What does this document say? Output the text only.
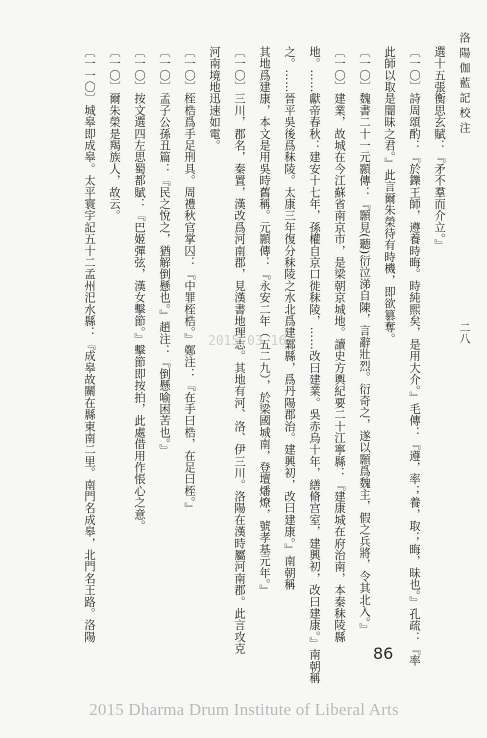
洛陽伽藍記校注
二八
選十五張衡思玄賦：『矛不羣而介立。』
〔一〇〕詩周頌酌：『於鑠王師，遵養時晦。時純熙矣，是用大介。』毛傳：『遵，率；養，取；晦，昧也。』孔疏：『率
此師以取是闇昧之君。』此言爾朱榮待有時機，即欲篡奪。
〔一〇〕魏書二十一元顥傳：『顥見(聽)衍泣涕自陳，言辭壯烈。衍奇之，遂以顥爲魏主，假之兵將，令其北入。』
〔一〇〕建業，故城在今江蘇省南京市，是梁朝京城地。讀史方輿紀要二十江寧縣：『建康城在府治南，本秦秣陵縣
地。……獻帝春秋：建安十七年，孫權自京口徙秣陵，……改曰建業。吳赤烏十年，繕脩宫室，建興初，改曰建康。』南朝稱
之。……晉平吳後爲秣陵。太康三年復分秣陵之水北爲建鄴縣，爲丹陽郡治。建興初，改曰建康。』南朝稱
其地爲建康，本文是用吳時舊稱。元顥傳：『永安二年（五二九），於梁國城南，登壇燔燎，號孝基元年。』
〔一〇〕三川，郡名，秦置，漢改爲河南郡，見漢書地理志。其地有河、洛、伊三川。洛陽在漢時屬河南郡。此言攻克
河南境地迅速如電。
〔一〇〕桎梏爲手足刑具。周禮秋官掌囚：『中罪桎梏。』鄭注：『在手曰梏，在足曰桎。』
〔一〇〕孟子公孫丑篇：『民之悅之，猶解倒懸也。』趙注：『倒懸喻困苦也。』
〔一〇〕按文選四左思蜀都賦：『巴姬彈弦，漢女擊節。』擊節即按拍，此處借用作悵心之意。
〔一〇〕爾朱榮是羯族人，故云。
〔一一〇〕城皋即成皋。太平寰宇記五十二孟州汜水縣：『成皋故關在縣東南二里。南門名成皋，北門名王路。洛陽	2015.03.16
86
2015 Dharma Drum Institute of Liberal Arts
